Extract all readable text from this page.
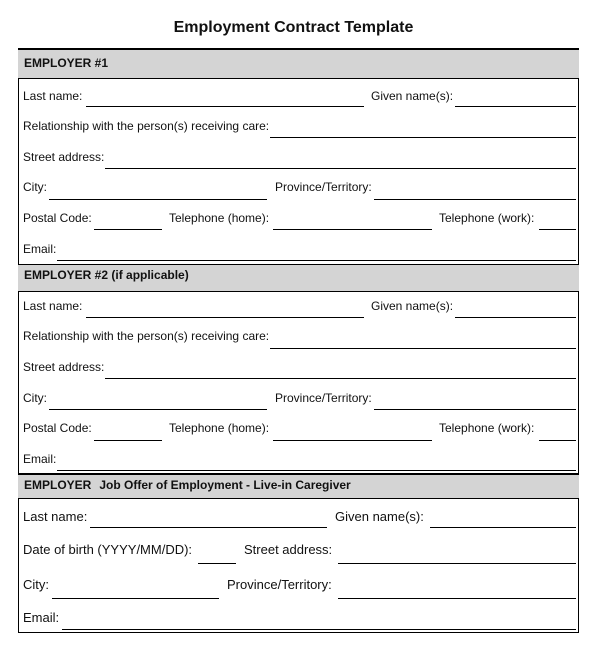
Employment Contract Template
EMPLOYER #1
Last name:	Given name(s):
Relationship with the person(s) receiving care:
Street address:
City:	Province/Territory:
Postal Code:	Telephone (home):	Telephone (work):
Email:
EMPLOYER #2 (if applicable)
Last name:	Given name(s):
Relationship with the person(s) receiving care:
Street address:
City:	Province/Territory:
Postal Code:	Telephone (home):	Telephone (work):
Email:
EMPLOYER Job Offer of Employment - Live-in Caregiver
Last name:	Given name(s):
Date of birth (YYYY/MM/DD):	Street address:
City:	Province/Territory:
Email:
